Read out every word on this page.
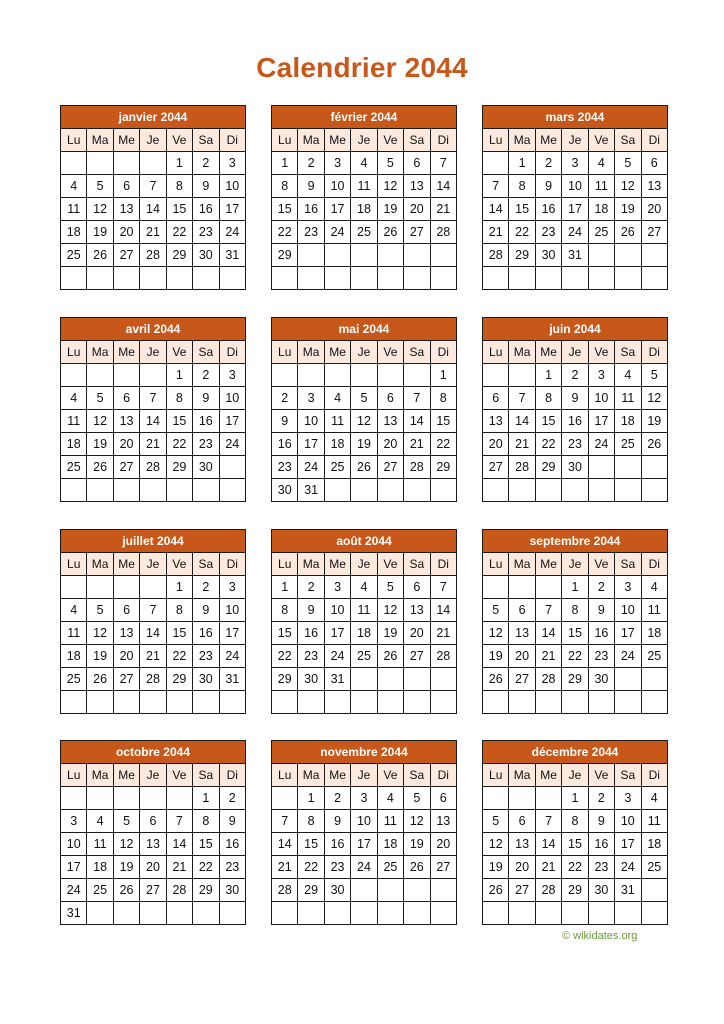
Calendrier 2044
janvier 2044						
Lu	Ma	Me	Je	Ve	Sa	Di
				1	2	3
4	5	6	7	8	9	10
11	12	13	14	15	16	17
18	19	20	21	22	23	24
25	26	27	28	29	30	31

février 2044						
Lu	Ma	Me	Je	Ve	Sa	Di
1	2	3	4	5	6	7
8	9	10	11	12	13	14
15	16	17	18	19	20	21
22	23	24	25	26	27	28
29						

mars 2044						
Lu	Ma	Me	Je	Ve	Sa	Di
	1	2	3	4	5	6
7	8	9	10	11	12	13
14	15	16	17	18	19	20
21	22	23	24	25	26	27
28	29	30	31			

avril 2044						
Lu	Ma	Me	Je	Ve	Sa	Di
				1	2	3
4	5	6	7	8	9	10
11	12	13	14	15	16	17
18	19	20	21	22	23	24
25	26	27	28	29	30	

mai 2044						
Lu	Ma	Me	Je	Ve	Sa	Di
						1
2	3	4	5	6	7	8
9	10	11	12	13	14	15
16	17	18	19	20	21	22
23	24	25	26	27	28	29
30	31					
juin 2044						
Lu	Ma	Me	Je	Ve	Sa	Di
		1	2	3	4	5
6	7	8	9	10	11	12
13	14	15	16	17	18	19
20	21	22	23	24	25	26
27	28	29	30			

juillet 2044						
Lu	Ma	Me	Je	Ve	Sa	Di
				1	2	3
4	5	6	7	8	9	10
11	12	13	14	15	16	17
18	19	20	21	22	23	24
25	26	27	28	29	30	31

août 2044						
Lu	Ma	Me	Je	Ve	Sa	Di
1	2	3	4	5	6	7
8	9	10	11	12	13	14
15	16	17	18	19	20	21
22	23	24	25	26	27	28
29	30	31				

septembre 2044						
Lu	Ma	Me	Je	Ve	Sa	Di
			1	2	3	4
5	6	7	8	9	10	11
12	13	14	15	16	17	18
19	20	21	22	23	24	25
26	27	28	29	30		

octobre 2044						
Lu	Ma	Me	Je	Ve	Sa	Di
					1	2
3	4	5	6	7	8	9
10	11	12	13	14	15	16
17	18	19	20	21	22	23
24	25	26	27	28	29	30
31						
novembre 2044						
Lu	Ma	Me	Je	Ve	Sa	Di
	1	2	3	4	5	6
7	8	9	10	11	12	13
14	15	16	17	18	19	20
21	22	23	24	25	26	27
28	29	30				

décembre 2044						
Lu	Ma	Me	Je	Ve	Sa	Di
			1	2	3	4
5	6	7	8	9	10	11
12	13	14	15	16	17	18
19	20	21	22	23	24	25
26	27	28	29	30	31	

© wikidates.org
